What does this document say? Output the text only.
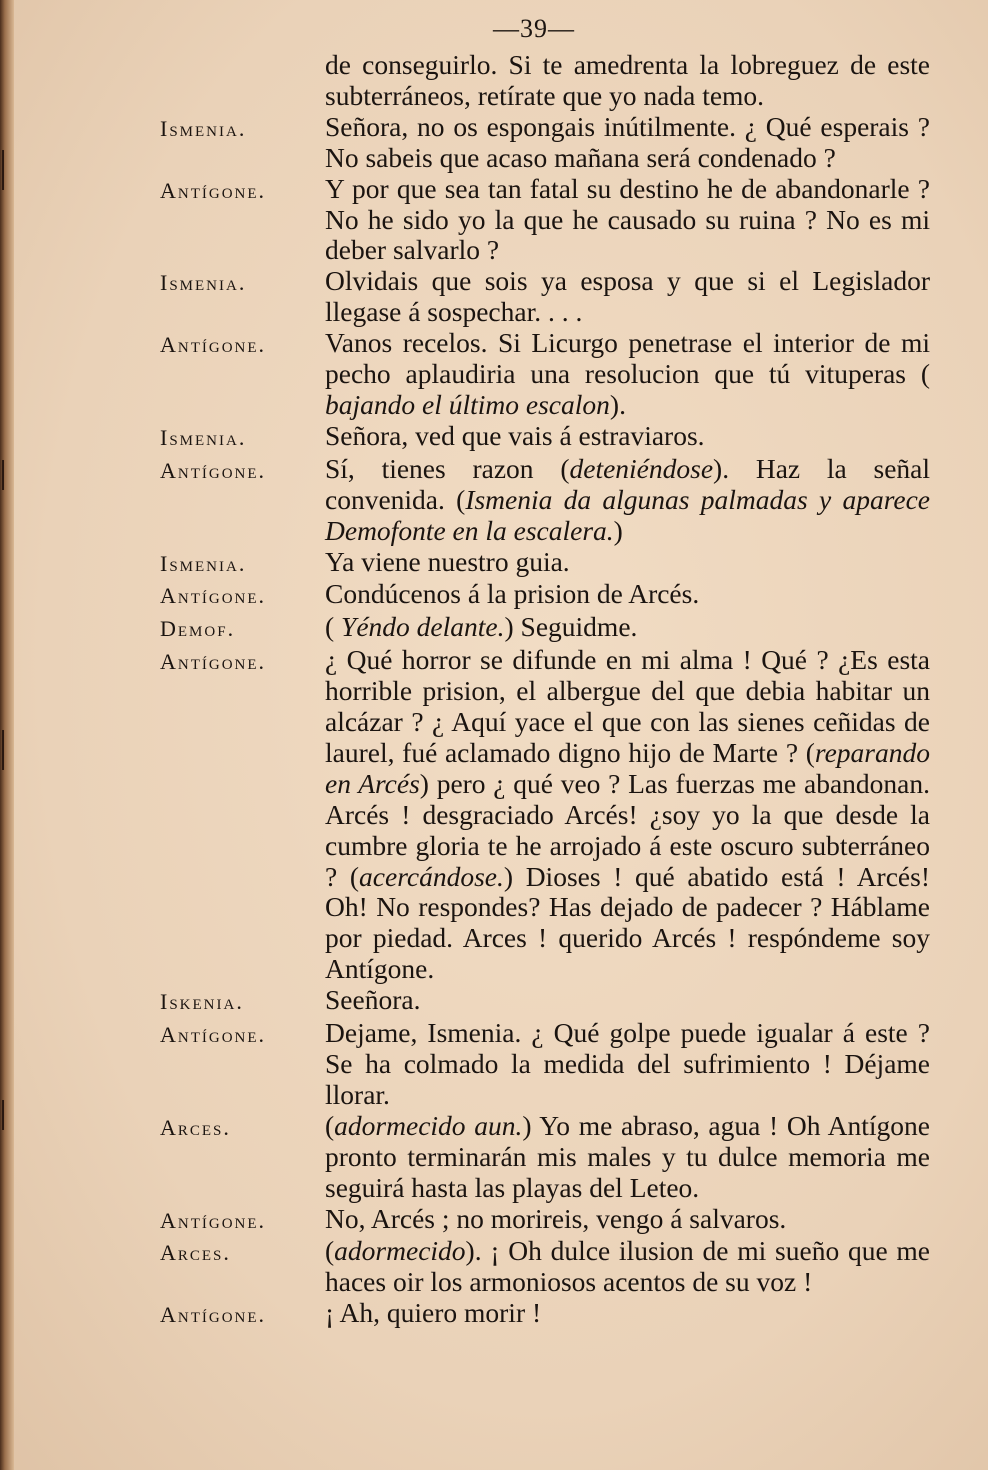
—39—
de conseguirlo. Si te amedrenta la lobreguez de este subterráneos, retírate que yo nada temo.
Ismenia.	Señora, no os espongais inútilmente. ¿ Qué esperais ? No sabeis que acaso mañana será condenado ?
Antígone.	Y por que sea tan fatal su destino he de abandonarle ? No he sido yo la que he causado su ruina ? No es mi deber salvarlo ?
Ismenia.	Olvidais que sois ya esposa y que si el Legislador llegase á sospechar. . . .
Antígone.	Vanos recelos. Si Licurgo penetrase el interior de mi pecho aplaudiria una resolucion que tú vituperas ( bajando el último escalon).
Ismenia.	Señora, ved que vais á estraviaros.
Antígone.	Sí, tienes razon (deteniéndose). Haz la señal convenida. (Ismenia da algunas palmadas y aparece Demofonte en la escalera.)
Ismenia.	Ya viene nuestro guia.
Antígone.	Condúcenos á la prision de Arcés.
Demof.	( Yéndo delante.) Seguidme.
Antígone.	¿ Qué horror se difunde en mi alma ! Qué ? ¿Es esta horrible prision, el albergue del que debia habitar un alcázar ? ¿ Aquí yace el que con las sienes ceñidas de laurel, fué aclamado digno hijo de Marte ? (reparando en Arcés) pero ¿ qué veo ? Las fuerzas me abandonan. Arcés ! desgraciado Arcés! ¿soy yo la que desde la cumbre gloria te he arrojado á este oscuro subterráneo ? (acercándose.) Dioses ! qué abatido está ! Arcés! Oh! No respondes? Has dejado de padecer ? Háblame por piedad. Arces ! querido Arcés ! respóndeme soy Antígone.
Iskenia.	Seeñora.
Antígone.	Dejame, Ismenia. ¿ Qué golpe puede igualar á este ? Se ha colmado la medida del sufrimiento ! Déjame llorar.
Arces.	(adormecido aun.) Yo me abraso, agua ! Oh Antígone pronto terminarán mis males y tu dulce memoria me seguirá hasta las playas del Leteo.
Antígone.	No, Arcés ; no morireis, vengo á salvaros.
Arces.	(adormecido). ¡ Oh dulce ilusion de mi sueño que me haces oir los armoniosos acentos de su voz !
Antígone.	¡ Ah, quiero morir !
